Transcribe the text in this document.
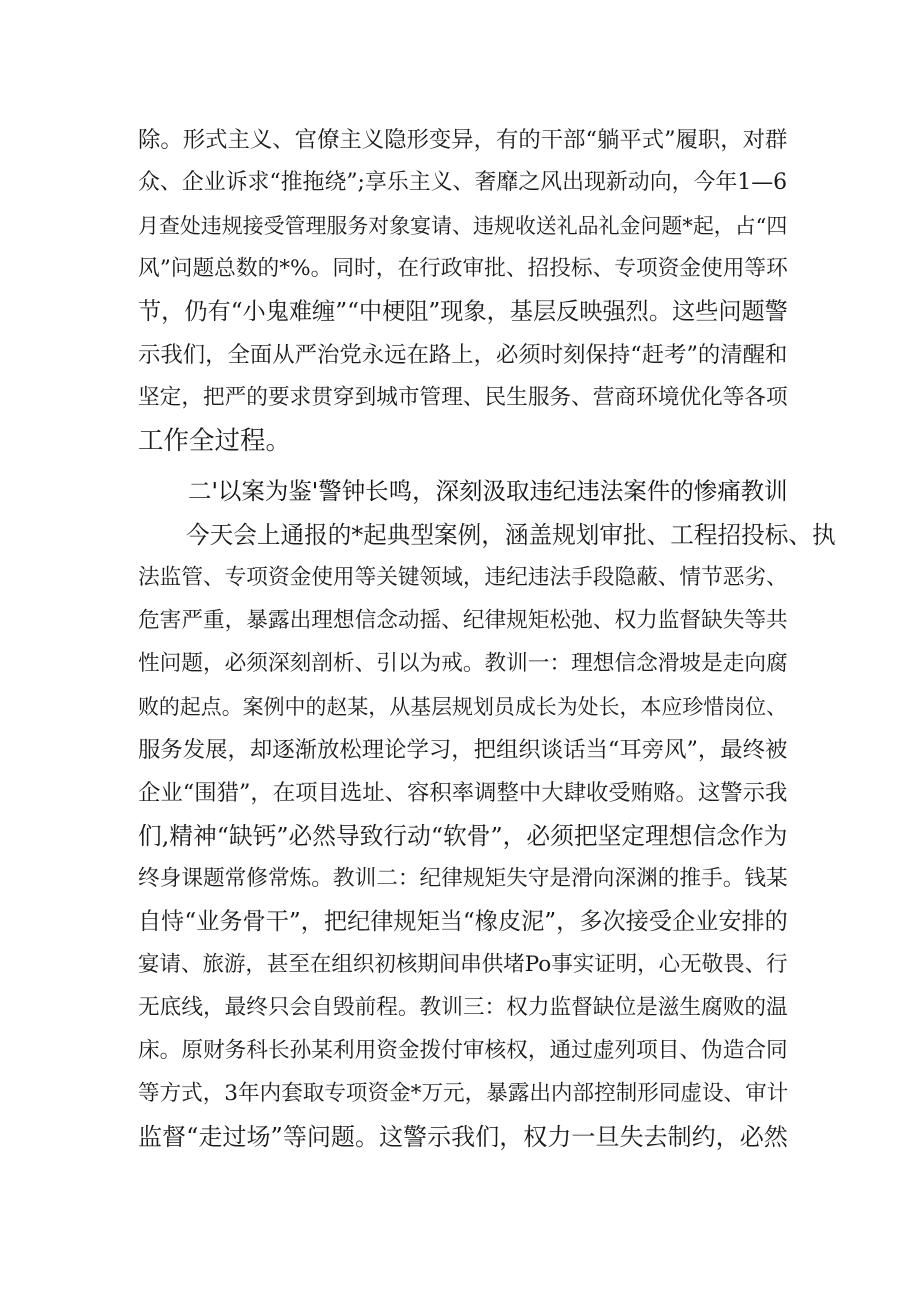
除。形式主义、官僚主义隐形变异，有的干部“躺平式”履职，对群
众、企业诉求“推拖绕”;享乐主义、奢靡之风出现新动向，今年1—6
月查处违规接受管理服务对象宴请、违规收送礼品礼金问题*起，占“四
风”问题总数的*%。同时，在行政审批、招投标、专项资金使用等环
节，仍有“小鬼难缠”“中梗阻”现象，基层反映强烈。这些问题警
示我们，全面从严治党永远在路上，必须时刻保持“赶考”的清醒和
坚定，把严的要求贯穿到城市管理、民生服务、营商环境优化等各项
工作全过程。
二'以案为鉴'警钟长鸣，深刻汲取违纪违法案件的惨痛教训
今天会上通报的*起典型案例，涵盖规划审批、工程招投标、执
法监管、专项资金使用等关键领域，违纪违法手段隐蔽、情节恶劣、
危害严重，暴露出理想信念动摇、纪律规矩松弛、权力监督缺失等共
性问题，必须深刻剖析、引以为戒。教训一：理想信念滑坡是走向腐
败的起点。案例中的赵某，从基层规划员成长为处长，本应珍惜岗位、
服务发展，却逐渐放松理论学习，把组织谈话当“耳旁风”，最终被
企业“围猎”，在项目选址、容积率调整中大肆收受贿赂。这警示我
们,精神“缺钙”必然导致行动“软骨”，必须把坚定理想信念作为
终身课题常修常炼。教训二：纪律规矩失守是滑向深渊的推手。钱某
自恃“业务骨干”，把纪律规矩当“橡皮泥”，多次接受企业安排的
宴请、旅游，甚至在组织初核期间串供堵Po事实证明，心无敬畏、行
无底线，最终只会自毁前程。教训三：权力监督缺位是滋生腐败的温
床。原财务科长孙某利用资金拨付审核权，通过虚列项目、伪造合同
等方式，3年内套取专项资金*万元，暴露出内部控制形同虚设、审计
监督“走过场”等问题。这警示我们，权力一旦失去制约，必然
